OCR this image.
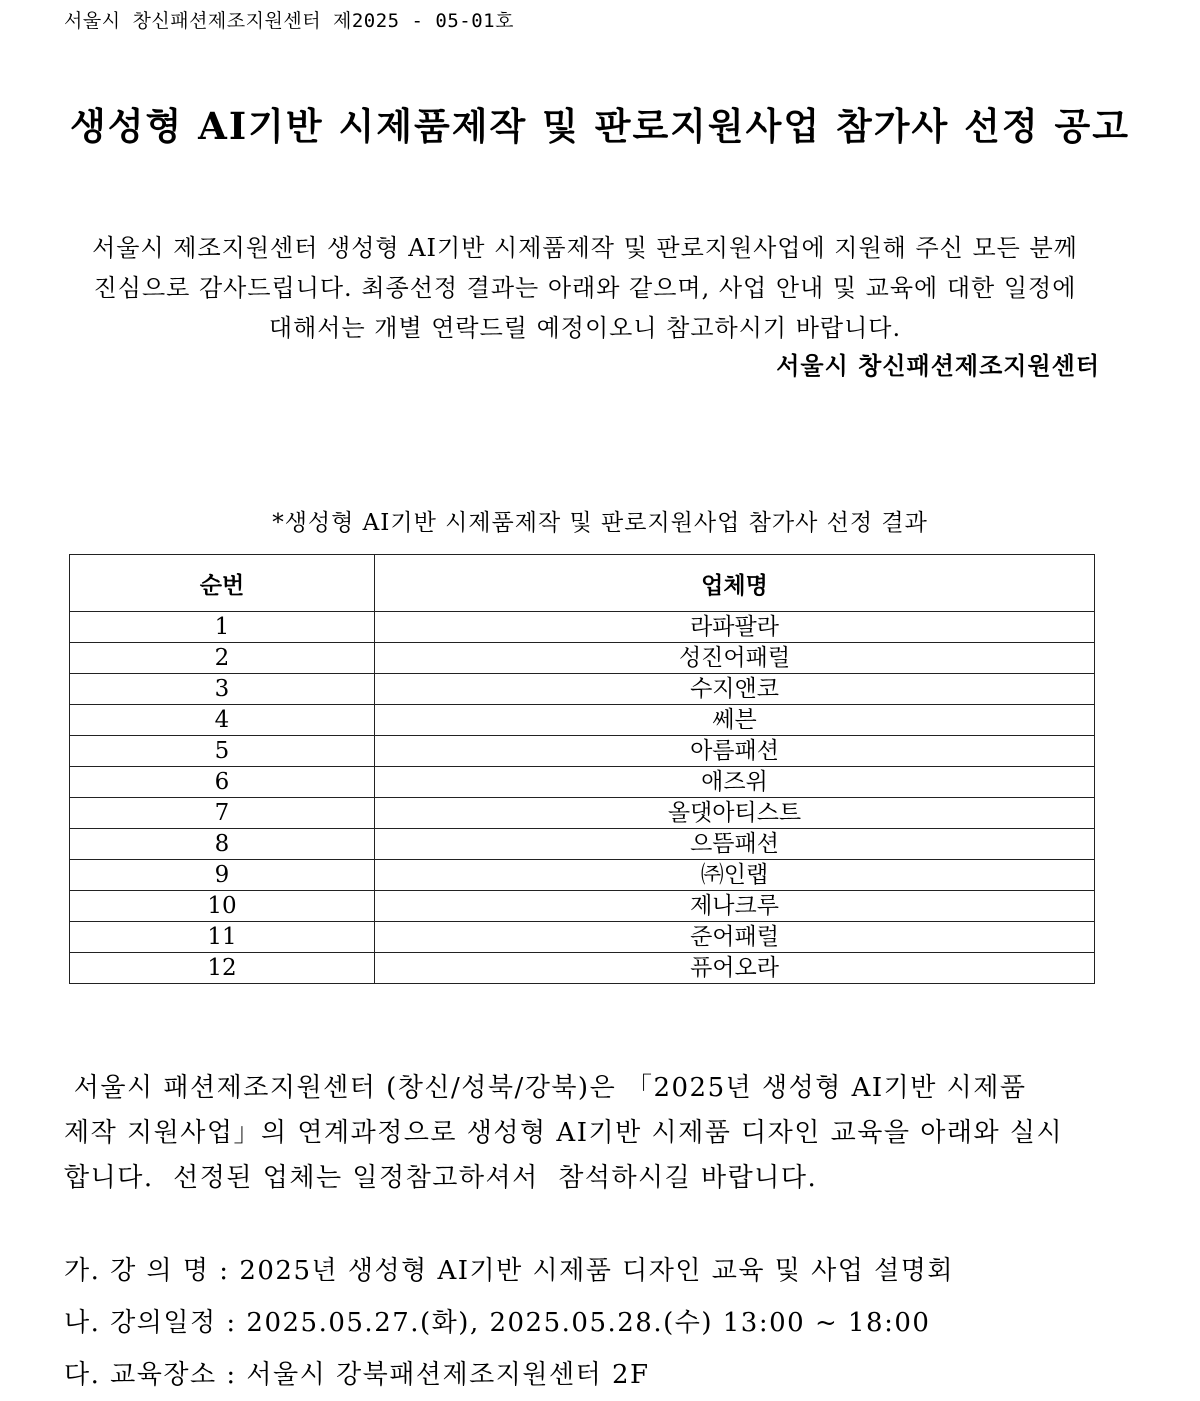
서울시 창신패션제조지원센터 제2025 - 05-01호
생성형 AI기반 시제품제작 및 판로지원사업 참가사 선정 공고

서울시 제조지원센터 생성형 AI기반 시제품제작 및 판로지원사업에 지원해 주신 모든 분께

진심으로 감사드립니다. 최종선정 결과는 아래와 같으며, 사업 안내 및 교육에 대한 일정에

대해서는 개별 연락드릴 예정이오니 참고하시기 바랍니다.

서울시 창신패션제조지원센터
*생성형 AI기반 시제품제작 및 판로지원사업 참가사 선정 결과
순번	업체명
1	라파팔라
2	성진어패럴
3	수지앤코
4	쎄븐
5	아름패션
6	애즈위
7	올댓아티스트
8	으뜸패션
9	㈜인랩
10	제나크루
11	준어패럴
12	퓨어오라

서울시 패션제조지원센터 (창신/성북/강북)은 「2025년 생성형 AI기반 시제품

제작 지원사업」의 연계과정으로 생성형 AI기반 시제품 디자인 교육을 아래와 실시

합니다.  선정된 업체는 일정참고하셔서  참석하시길 바랍니다.

가. 강 의 명 : 2025년 생성형 AI기반 시제품 디자인 교육 및 사업 설명회
나. 강의일정 : 2025.05.27.(화), 2025.05.28.(수) 13:00 ~ 18:00
다. 교육장소 : 서울시 강북패션제조지원센터 2F
